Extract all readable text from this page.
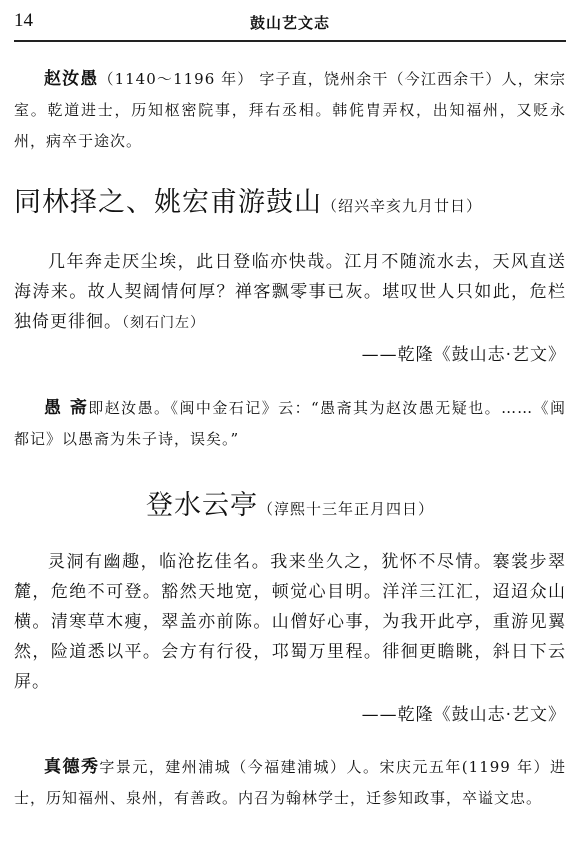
14	鼓山艺文志

赵汝愚（1140～1196 年） 字子直，饶州余干（今江西余干）人，宋宗室。乾道进士，历知枢密院事，拜右丞相。韩侂胄弄权，出知福州，又贬永州，病卒于途次。

同林择之、姚宏甫游鼓山（绍兴辛亥九月廿日）

几年奔走厌尘埃，此日登临亦快哉。江月不随流水去，天风直送海涛来。故人契阔情何厚？禅客飘零事已灰。堪叹世人只如此，危栏独倚更徘徊。（刻石门左）

——乾隆《鼓山志·艺文》

愚 斋即赵汝愚。《闽中金石记》云：“愚斋其为赵汝愚无疑也。……《闽都记》以愚斋为朱子诗，误矣。”

登水云亭（淳熙十三年正月四日）

灵洞有幽趣，临沧扢佳名。我来坐久之，犹怀不尽情。褰裳步翠麓，危绝不可登。豁然天地宽，顿觉心目明。洋洋三江汇，迢迢众山横。清寒草木瘦，翠盖亦前陈。山僧好心事，为我开此亭，重游见翼然，险道悉以平。会方有行役，邛蜀万里程。徘徊更瞻眺，斜日下云屏。

——乾隆《鼓山志·艺文》

真德秀字景元，建州浦城（今福建浦城）人。宋庆元五年(1199 年）进士，历知福州、泉州，有善政。内召为翰林学士，迁参知政事，卒谥文忠。
